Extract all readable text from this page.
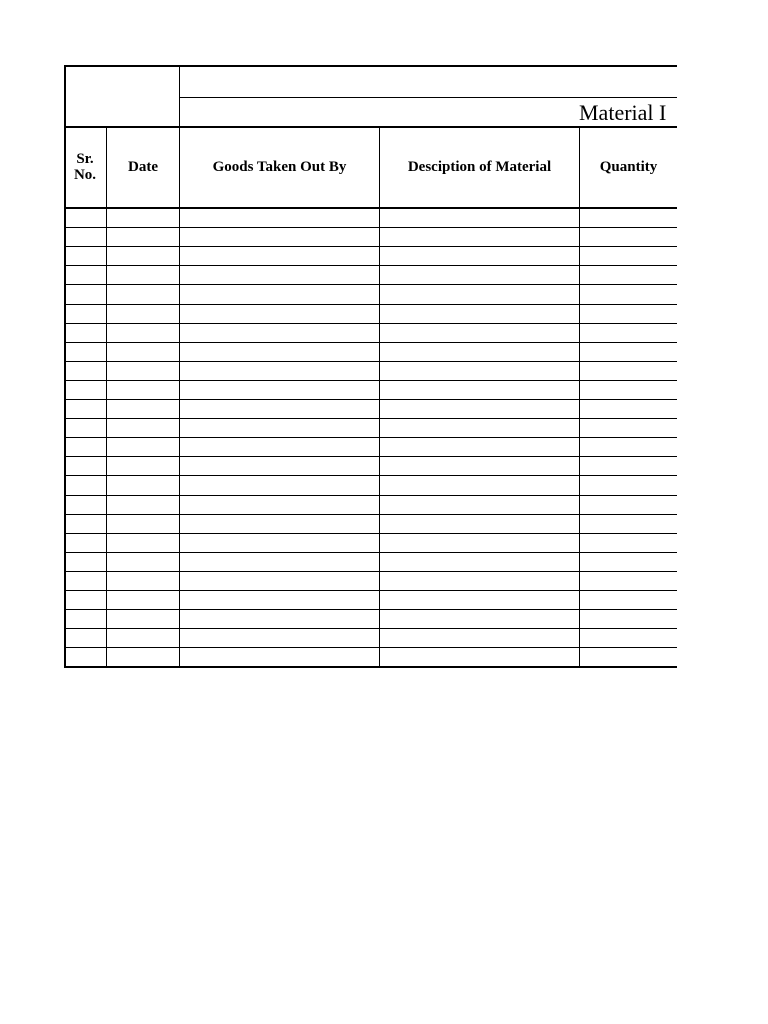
Material I
Sr. No.	Date	Goods Taken Out By	Desciption of Material	Quantity
